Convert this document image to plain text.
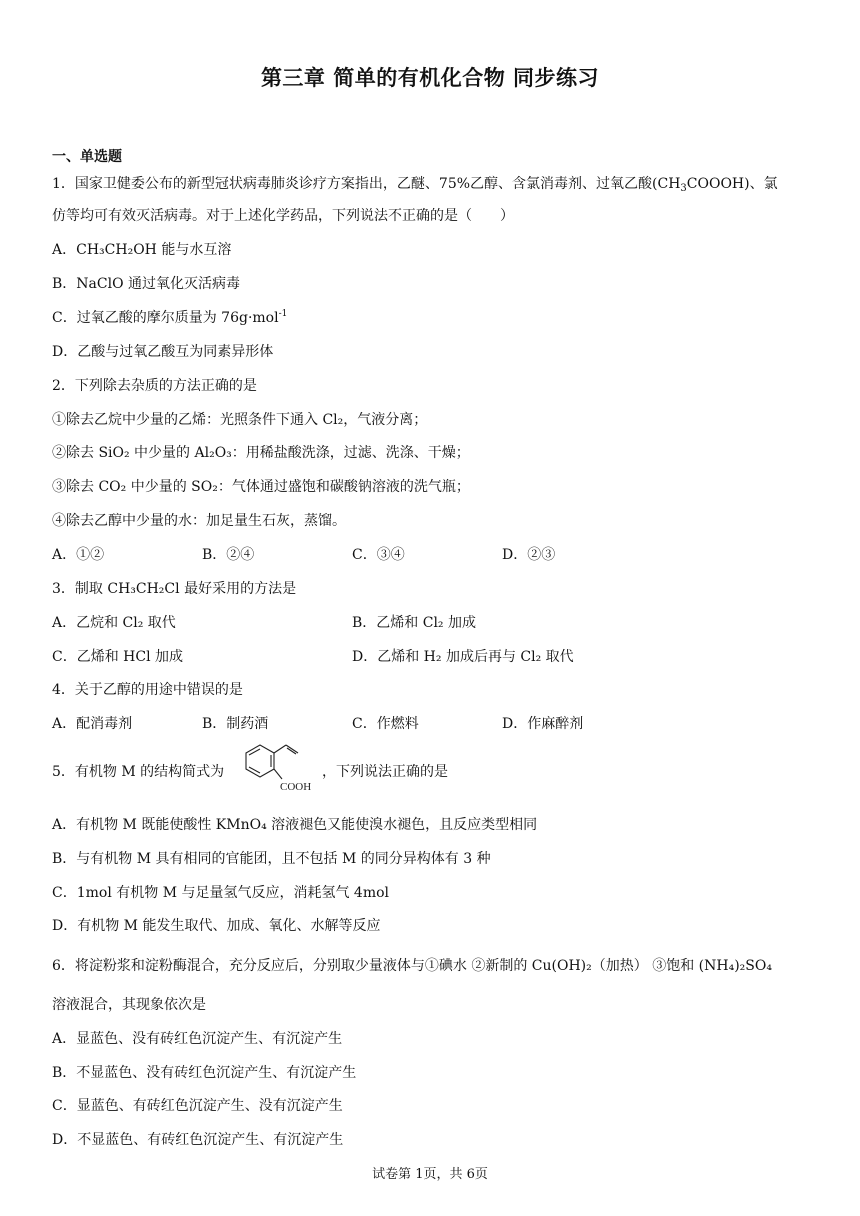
第三章 简单的有机化合物 同步练习
一、单选题
1．国家卫健委公布的新型冠状病毒肺炎诊疗方案指出，乙醚、75%乙醇、含氯消毒剂、过氧乙酸$(CH_3COOOH)$、氯
仿等均可有效灭活病毒。对于上述化学药品，下列说法不正确的是（　　）
A．CH₃CH₂OH 能与水互溶
B．NaClO 通过氧化灭活病毒
C．过氧乙酸的摩尔质量为 76g·mol$^{-1}$
D．乙酸与过氧乙酸互为同素异形体
2．下列除去杂质的方法正确的是
①除去乙烷中少量的乙烯：光照条件下通入 Cl₂，气液分离；
②除去 SiO₂ 中少量的 Al₂O₃：用稀盐酸洗涤，过滤、洗涤、干燥；
③除去 CO₂ 中少量的 SO₂：气体通过盛饱和碳酸钠溶液的洗气瓶；
④除去乙醇中少量的水：加足量生石灰，蒸馏。
A．①②	B．②④	C．③④	D．②③
3．制取 CH₃CH₂Cl 最好采用的方法是
A．乙烷和 Cl₂ 取代	B．乙烯和 Cl₂ 加成
C．乙烯和 HCl 加成	D．乙烯和 H₂ 加成后再与 Cl₂ 取代
4．关于乙醇的用途中错误的是
A．配消毒剂	B．制药酒	C．作燃料	D．作麻醉剂
5．有机物 M 的结构简式为
COOH
，下列说法正确的是
A．有机物 M 既能使酸性 KMnO₄ 溶液褪色又能使溴水褪色，且反应类型相同
B．与有机物 M 具有相同的官能团，且不包括 M 的同分异构体有 3 种
C．1mol 有机物 M 与足量氢气反应，消耗氢气 4mol
D．有机物 M 能发生取代、加成、氧化、水解等反应
6．将淀粉浆和淀粉酶混合，充分反应后，分别取少量液体与①碘水 ②新制的 Cu(OH)₂（加热） ③饱和 (NH₄)₂SO₄
溶液混合，其现象依次是
A．显蓝色、没有砖红色沉淀产生、有沉淀产生
B．不显蓝色、没有砖红色沉淀产生、有沉淀产生
C．显蓝色、有砖红色沉淀产生、没有沉淀产生
D．不显蓝色、有砖红色沉淀产生、有沉淀产生
试卷第 1页，共 6页
